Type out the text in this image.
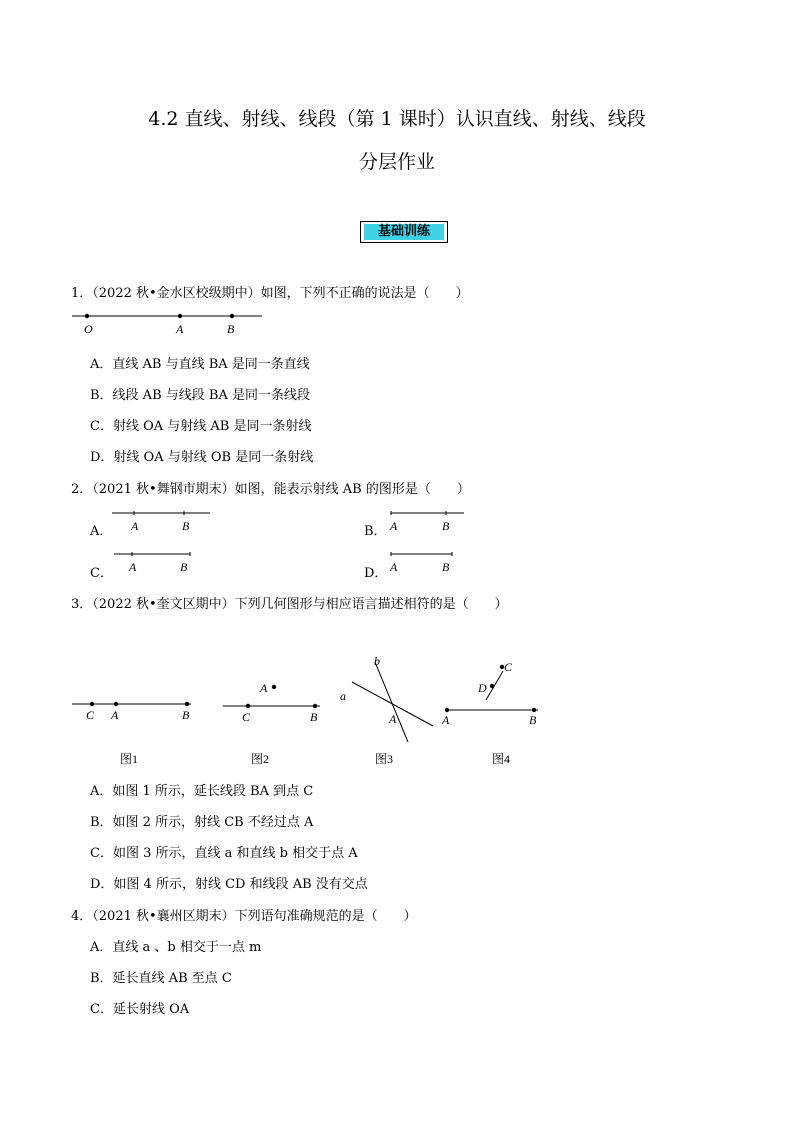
4.2 直线、射线、线段（第 1 课时）认识直线、射线、线段
分层作业
基础训练
1．（2022 秋•金水区校级期中）如图，下列不正确的说法是（　　）
O	A	B
A．直线 AB 与直线 BA 是同一条直线
B．线段 AB 与线段 BA 是同一条线段
C．射线 OA 与射线 AB 是同一条射线
D．射线 OA 与射线 OB 是同一条射线
2．（2021 秋•舞钢市期末）如图，能表示射线 AB 的图形是（　　）
A． A	B	B． A	B
C． A	B	D． A	B
3．（2022 秋•奎文区期中）下列几何图形与相应语言描述相符的是（　　）
C A	B
A
C	B
b
a
A
C
D
A	B
图1	图2	图3	图4
A．如图 1 所示，延长线段 BA 到点 C
B．如图 2 所示，射线 CB 不经过点 A
C．如图 3 所示，直线 a 和直线 b 相交于点 A
D．如图 4 所示，射线 CD 和线段 AB 没有交点
4．（2021 秋•襄州区期末）下列语句准确规范的是（　　）
A．直线 a 、b 相交于一点 m
B．延长直线 AB 至点 C
C．延长射线 OA
